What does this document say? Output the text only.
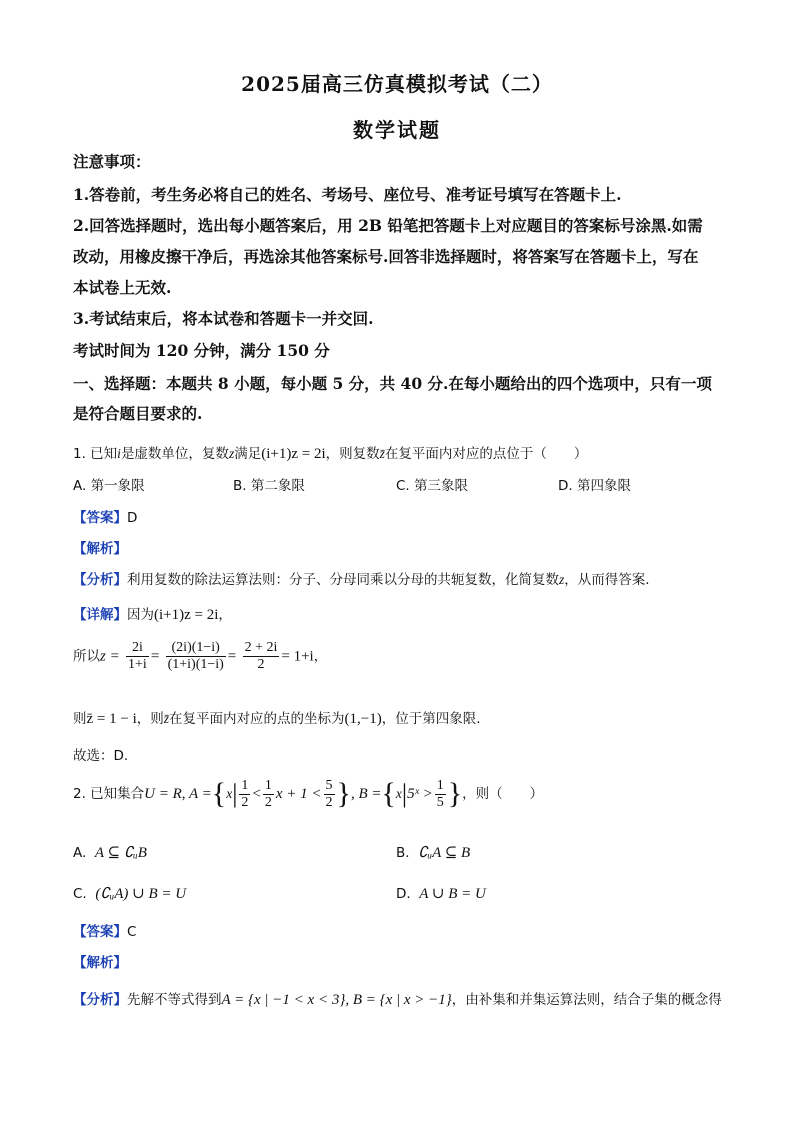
2025届高三仿真模拟考试（二）
数学试题
注意事项：
1.答卷前，考生务必将自己的姓名、考场号、座位号、准考证号填写在答题卡上.
2.回答选择题时，选出每小题答案后，用 2B 铅笔把答题卡上对应题目的答案标号涂黑.如需
改动，用橡皮擦干净后，再选涂其他答案标号.回答非选择题时，将答案写在答题卡上，写在
本试卷上无效.
3.考试结束后，将本试卷和答题卡一并交回.
考试时间为 120 分钟，满分 150 分
一、选择题：本题共 8 小题，每小题 5 分，共 40 分.在每小题给出的四个选项中，只有一项
是符合题目要求的.
1. 已知i是虚数单位，复数z满足(i+1)z = 2i，则复数z̄在复平面内对应的点位于（　　）
A. 第一象限	B. 第二象限	C. 第三象限	D. 第四象限
【答案】D
【解析】
【分析】利用复数的除法运算法则：分子、分母同乘以分母的共轭复数，化简复数z，从而得答案.
【详解】因为(i+1)z = 2i，
所以$z = \frac{2i}{1+i} = \frac{(2i)(1-i)}{(1+i)(1-i)} = \frac{2 + 2i}{2} = 1+i$，
则z̄ = 1 − i，则z̄在复平面内对应的点的坐标为(1,−1)，位于第四象限.
故选：D.
2. 已知集合U = R, $A =\{x| \frac{1}{2} < \frac{1}{2}$ $x + 1 < \frac{5}{2}$ }, B ={x|5ˣ > $\frac{1}{5}$ }，则（　　）
A. A ⊆ ∁ᵤB	B. ∁ᵤA ⊆ B
C. (∁ᵤA) ∪ B = U	D. A ∪ B = U
【答案】C
【解析】
【分析】先解不等式得到A = {x | −1 < x < 3}, B = {x | x > −1}，由补集和并集运算法则，结合子集的概念得
